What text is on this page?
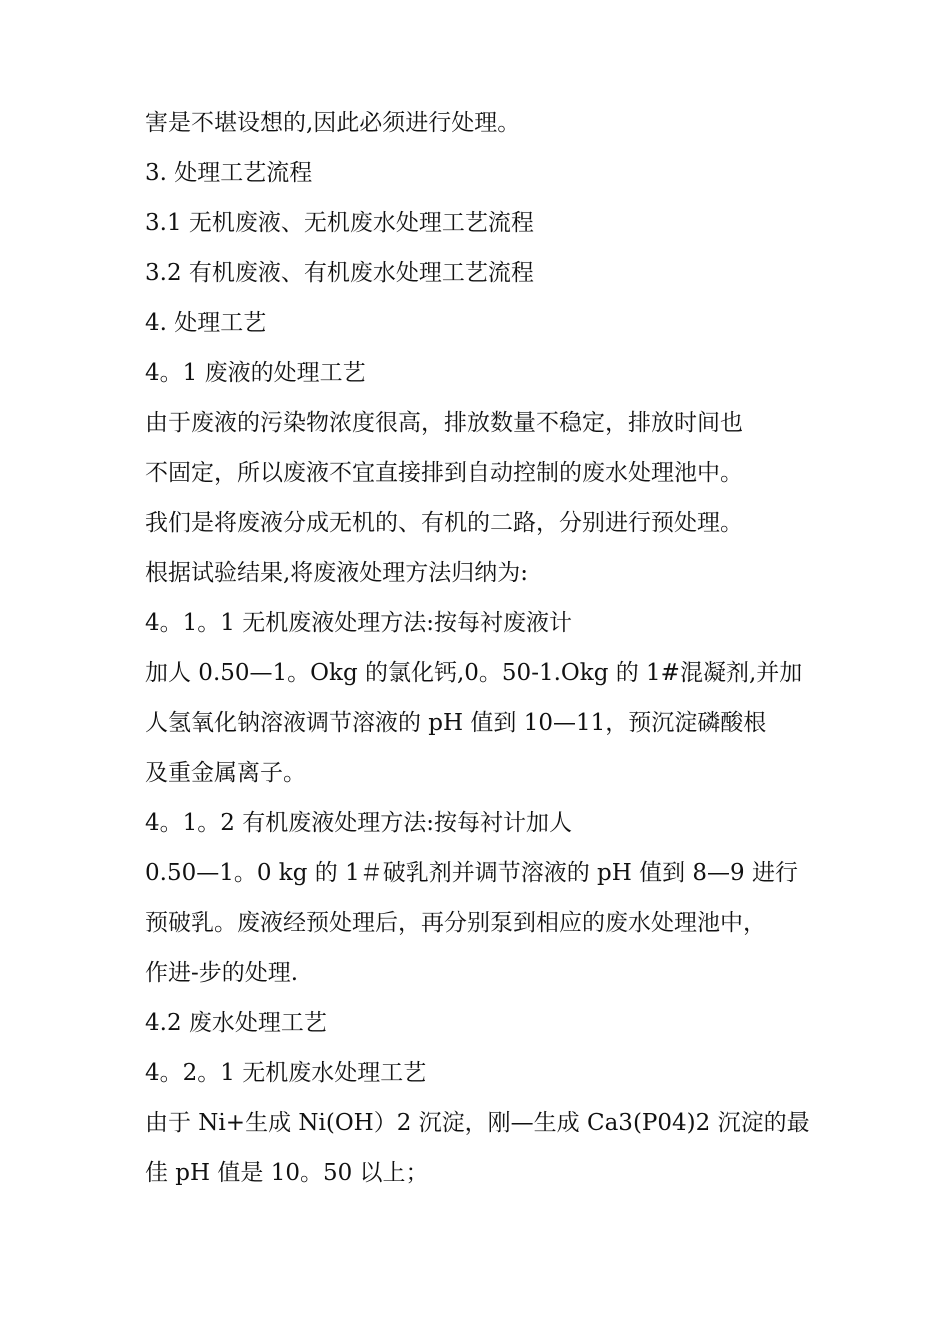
害是不堪设想的,因此必须进行处理。
3. 处理工艺流程
3.1 无机废液、无机废水处理工艺流程
3.2 有机废液、有机废水处理工艺流程
4. 处理工艺
4。1 废液的处理工艺
由于废液的污染物浓度很高，排放数量不稳定，排放时间也
不固定，所以废液不宜直接排到自动控制的废水处理池中。
我们是将废液分成无机的、有机的二路，分别进行预处理。
根据试验结果,将废液处理方法归纳为:
4。1。1 无机废液处理方法:按每衬废液计
加人 0.50—1。Okg 的氯化钙,0。50-1.Okg 的 1#混凝剂,并加
人氢氧化钠溶液调节溶液的 pH 值到 10—11，预沉淀磷酸根
及重金属离子。
4。1。2 有机废液处理方法:按每衬计加人
0.50—1。0 kg 的 1＃破乳剂并调节溶液的 pH 值到 8—9 进行
预破乳。废液经预处理后，再分别泵到相应的废水处理池中，
作进-步的处理.
4.2 废水处理工艺
4。2。1 无机废水处理工艺
由于 Ni+生成 Ni(OH）2 沉淀，刚—生成 Ca3(P04)2 沉淀的最
佳 pH 值是 10。50 以上；
